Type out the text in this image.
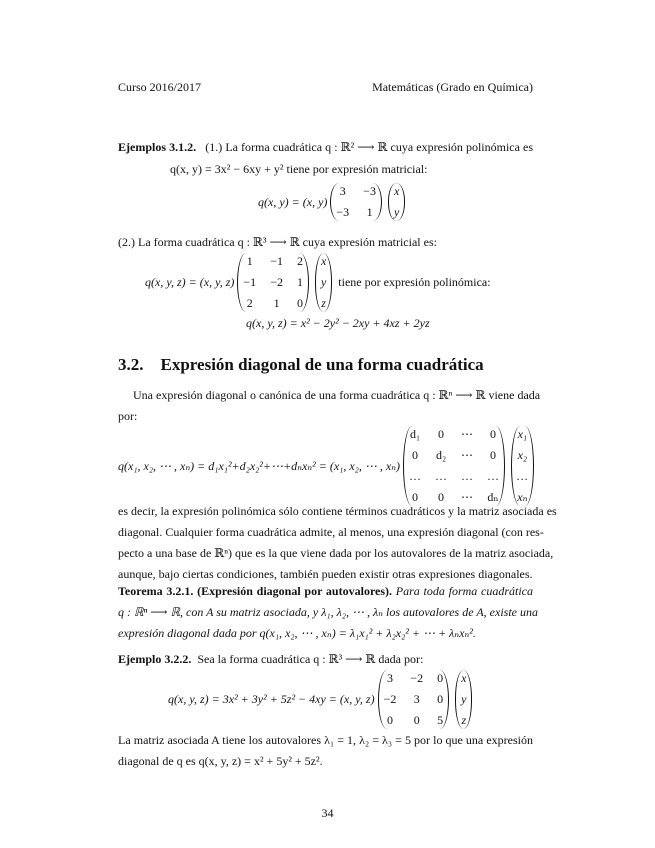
Curso 2016/2017	Matemáticas (Grado en Química)
Ejemplos 3.1.2. (1.) La forma cuadrática q : ℝ² ⟶ ℝ cuya expresión polinómica es
q(x, y) = 3x² − 6xy + y² tiene por expresión matricial:
q(x, y) = (x, y)
3 −3
−3 1
x
y
(2.) La forma cuadrática q : ℝ³ ⟶ ℝ cuya expresión matricial es:
q(x, y, z) = (x, y, z)
1 −1 2
−1 −2 1
2 1 0
x
y
z
tiene por expresión polinómica:
q(x, y, z) = x² − 2y² − 2xy + 4xz + 2yz
3.2. Expresión diagonal de una forma cuadrática
Una expresión diagonal o canónica de una forma cuadrática q : ℝⁿ ⟶ ℝ viene dada
por:
q(x₁, x₂, ⋯ , xₙ) = d₁x₁²+d₂x₂²+⋯+dₙxₙ² = (x₁, x₂, ⋯ , xₙ)
d₁ 0 ⋯ 0
0 d₂ ⋯ 0
… … … …
0 0 ⋯ dₙ
x₁
x₂
…
xₙ
es decir, la expresión polinómica sólo contiene términos cuadráticos y la matriz asociada es
diagonal. Cualquier forma cuadrática admite, al menos, una expresión diagonal (con res-
pecto a una base de ℝⁿ) que es la que viene dada por los autovalores de la matriz asociada,
aunque, bajo ciertas condiciones, también pueden existir otras expresiones diagonales.
Teorema 3.2.1. (Expresión diagonal por autovalores). Para toda forma cuadrática
q : ℝⁿ ⟶ ℝ, con A su matriz asociada, y λ₁, λ₂, ⋯ , λₙ los autovalores de A, existe una
expresión diagonal dada por q(x₁, x₂, ⋯ , xₙ) = λ₁x₁² + λ₂x₂² + ⋯ + λₙxₙ².
Ejemplo 3.2.2. Sea la forma cuadrática q : ℝ³ ⟶ ℝ dada por:
q(x, y, z) = 3x² + 3y² + 5z² − 4xy = (x, y, z)
3 −2 0
−2 3 0
0 0 5
x
y
z
La matriz asociada A tiene los autovalores λ₁ = 1, λ₂ = λ₃ = 5 por lo que una expresión
diagonal de q es q(x, y, z) = x² + 5y² + 5z².
34
